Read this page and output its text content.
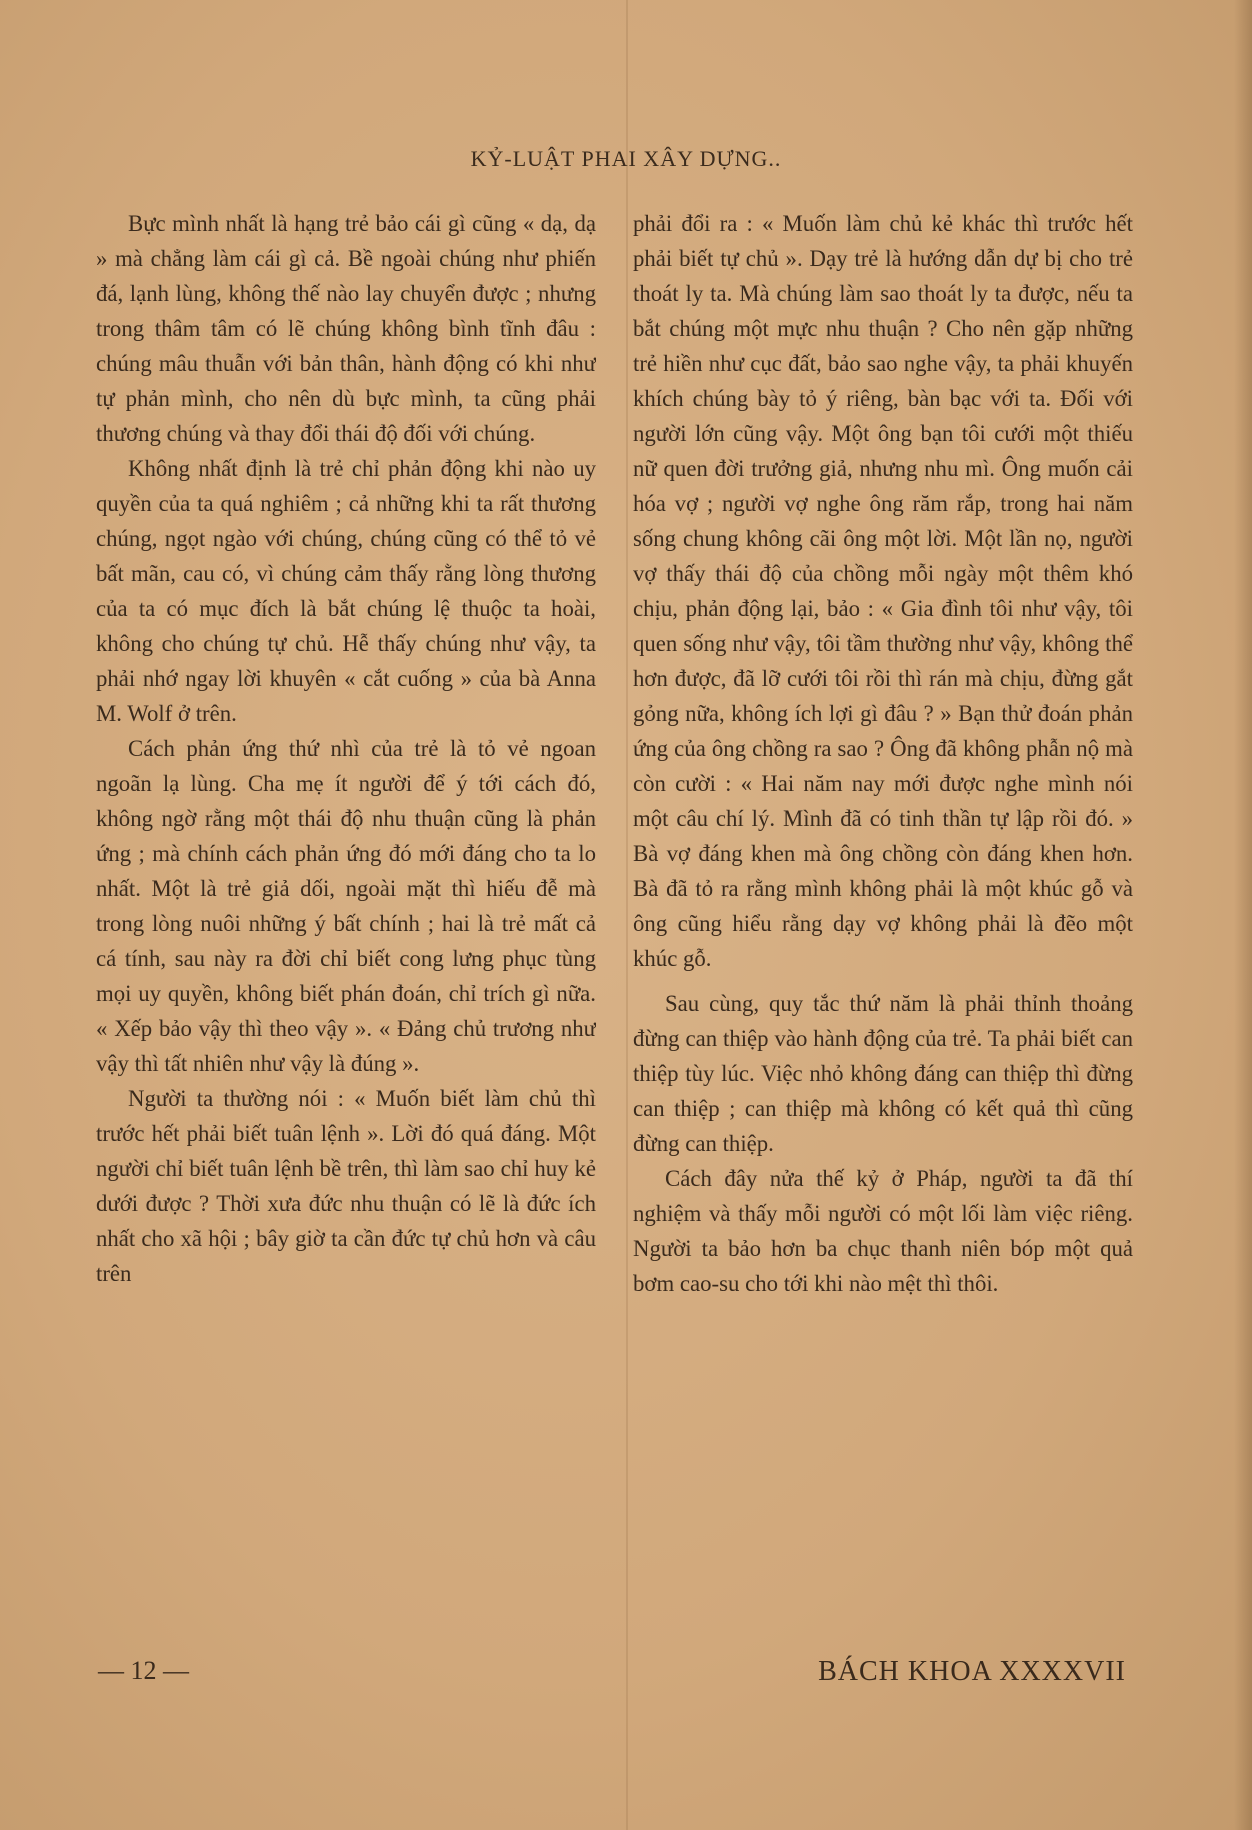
KỶ-LUẬT PHAI XÂY DỰNG..

Bực mình nhất là hạng trẻ bảo cái gì cũng « dạ, dạ » mà chẳng làm cái gì cả. Bề ngoài chúng như phiến đá, lạnh lùng, không thế nào lay chuyển được ; nhưng trong thâm tâm có lẽ chúng không bình tĩnh đâu : chúng mâu thuẫn với bản thân, hành động có khi như tự phản mình, cho nên dù bực mình, ta cũng phải thương chúng và thay đổi thái độ đối với chúng.

Không nhất định là trẻ chỉ phản động khi nào uy quyền của ta quá nghiêm ; cả những khi ta rất thương chúng, ngọt ngào với chúng, chúng cũng có thể tỏ vẻ bất mãn, cau có, vì chúng cảm thấy rằng lòng thương của ta có mục đích là bắt chúng lệ thuộc ta hoài, không cho chúng tự chủ. Hễ thấy chúng như vậy, ta phải nhớ ngay lời khuyên « cắt cuống » của bà Anna M. Wolf ở trên.

Cách phản ứng thứ nhì của trẻ là tỏ vẻ ngoan ngoãn lạ lùng. Cha mẹ ít người để ý tới cách đó, không ngờ rằng một thái độ nhu thuận cũng là phản ứng ; mà chính cách phản ứng đó mới đáng cho ta lo nhất. Một là trẻ giả dối, ngoài mặt thì hiếu đễ mà trong lòng nuôi những ý bất chính ; hai là trẻ mất cả cá tính, sau này ra đời chỉ biết cong lưng phục tùng mọi uy quyền, không biết phán đoán, chỉ trích gì nữa. « Xếp bảo vậy thì theo vậy ». « Đảng chủ trương như vậy thì tất nhiên như vậy là đúng ».

Người ta thường nói : « Muốn biết làm chủ thì trước hết phải biết tuân lệnh ». Lời đó quá đáng. Một người chỉ biết tuân lệnh bề trên, thì làm sao chỉ huy kẻ dưới được ? Thời xưa đức nhu thuận có lẽ là đức ích nhất cho xã hội ; bây giờ ta cần đức tự chủ hơn và câu trên

phải đổi ra : « Muốn làm chủ kẻ khác thì trước hết phải biết tự chủ ». Dạy trẻ là hướng dẫn dự bị cho trẻ thoát ly ta. Mà chúng làm sao thoát ly ta được, nếu ta bắt chúng một mực nhu thuận ? Cho nên gặp những trẻ hiền như cục đất, bảo sao nghe vậy, ta phải khuyến khích chúng bày tỏ ý riêng, bàn bạc với ta. Đối với người lớn cũng vậy. Một ông bạn tôi cưới một thiếu nữ quen đời trưởng giả, nhưng nhu mì. Ông muốn cải hóa vợ ; người vợ nghe ông răm rắp, trong hai năm sống chung không cãi ông một lời. Một lần nọ, người vợ thấy thái độ của chồng mỗi ngày một thêm khó chịu, phản động lại, bảo : « Gia đình tôi như vậy, tôi quen sống như vậy, tôi tầm thường như vậy, không thể hơn được, đã lỡ cưới tôi rồi thì rán mà chịu, đừng gắt gỏng nữa, không ích lợi gì đâu ? » Bạn thử đoán phản ứng của ông chồng ra sao ? Ông đã không phẫn nộ mà còn cười : « Hai năm nay mới được nghe mình nói một câu chí lý. Mình đã có tinh thần tự lập rồi đó. » Bà vợ đáng khen mà ông chồng còn đáng khen hơn. Bà đã tỏ ra rằng mình không phải là một khúc gỗ và ông cũng hiểu rằng dạy vợ không phải là đẽo một khúc gỗ.

Sau cùng, quy tắc thứ năm là phải thỉnh thoảng đừng can thiệp vào hành động của trẻ. Ta phải biết can thiệp tùy lúc. Việc nhỏ không đáng can thiệp thì đừng can thiệp ; can thiệp mà không có kết quả thì cũng đừng can thiệp.

Cách đây nửa thế kỷ ở Pháp, người ta đã thí nghiệm và thấy mỗi người có một lối làm việc riêng. Người ta bảo hơn ba chục thanh niên bóp một quả bơm cao-su cho tới khi nào mệt thì thôi.

— 12 —	BÁCH KHOA XXXXVII
